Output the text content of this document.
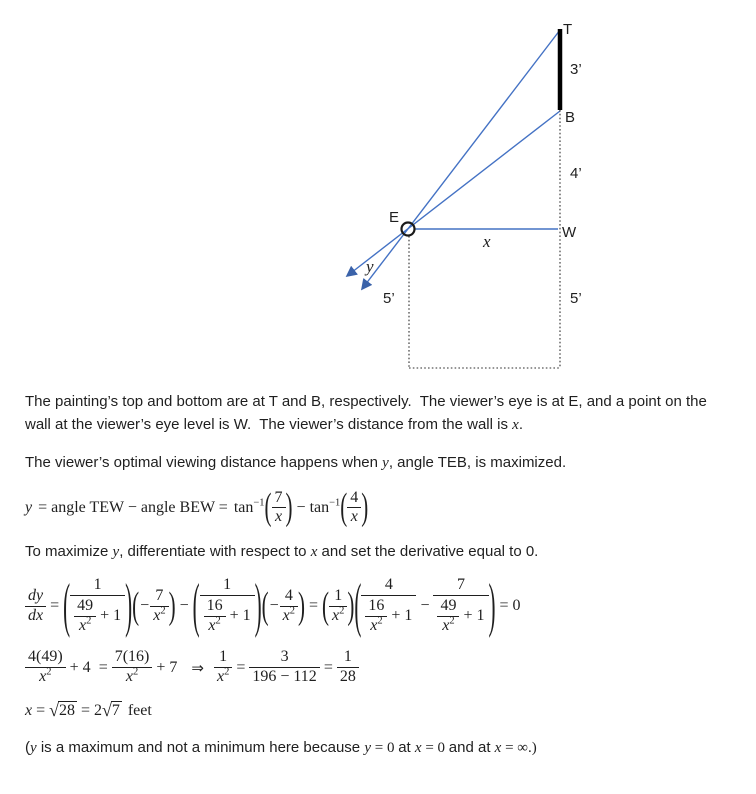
T
B
E
W
3’
4’
5’	5’
x
y

The painting’s top and bottom are at T and B, respectively.  The viewer’s eye is at E, and a point on the wall at the viewer’s eye level is W.  The viewer’s distance from the wall is x.

The viewer’s optimal viewing distance happens when y, angle TEB, is maximized.

y = angle TEW − angle BEW = $\tan^{-1}$ ( $\frac{7}{x}$ ) − $\tan^{-1}$ ( $\frac{4}{x}$ )

To maximize y, differentiate with respect to x and set the derivative equal to 0.

$\frac{dy}{dx}$ = ( $\frac{1}{\frac{49}{x^2} + 1}$ ) ( − $\frac{7}{x^2}$ ) − ( $\frac{1}{\frac{16}{x^2} + 1}$ ) ( − $\frac{4}{x^2}$ ) = ( $\frac{1}{x^2}$ ) ( $\frac{4}{\frac{16}{x^2} + 1} - \frac{7}{\frac{49}{x^2} + 1}$ ) = 0
$\frac{4(49)}{x^2} + 4 = \frac{7(16)}{x^2} + 7$ ⇒ $\frac{1}{x^2} = \frac{3}{196 - 112} = \frac{1}{28}$
x = √ 28 = 2 √ 7 feet

(y is a maximum and not a minimum here because y = 0 at x = 0 and at x = ∞.)
